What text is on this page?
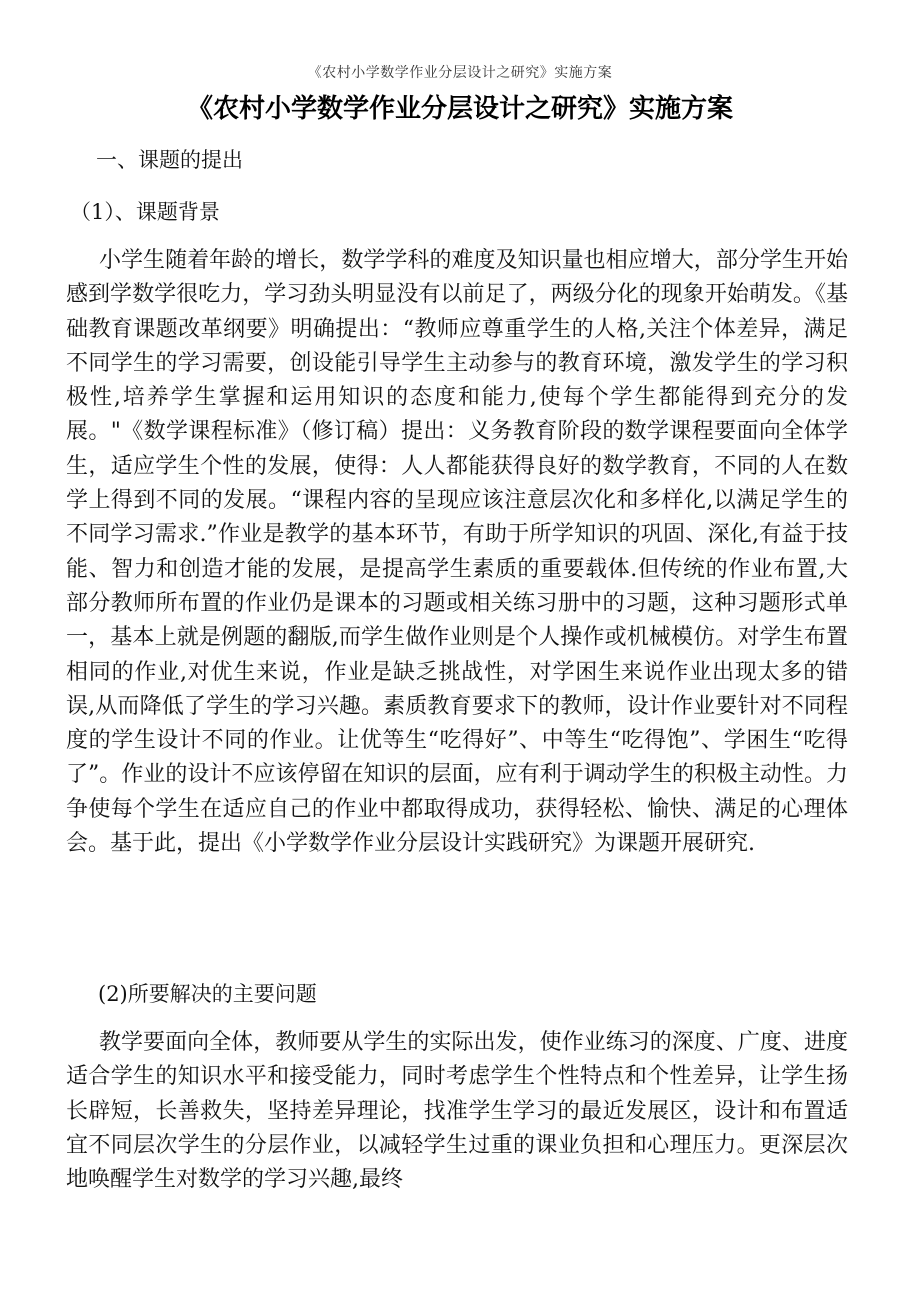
《农村小学数学作业分层设计之研究》实施方案
《农村小学数学作业分层设计之研究》实施方案
一、课题的提出
（1）、课题背景
小学生随着年龄的增长，数学学科的难度及知识量也相应增大，部分学生开始感到学数学很吃力，学习劲头明显没有以前足了，两级分化的现象开始萌发。《基础教育课题改革纲要》明确提出：“教师应尊重学生的人格,关注个体差异，满足不同学生的学习需要，创设能引导学生主动参与的教育环境，激发学生的学习积极性,培养学生掌握和运用知识的态度和能力,使每个学生都能得到充分的发展。"《数学课程标准》（修订稿）提出：义务教育阶段的数学课程要面向全体学生，适应学生个性的发展，使得：人人都能获得良好的数学教育，不同的人在数学上得到不同的发展。“课程内容的呈现应该注意层次化和多样化,以满足学生的不同学习需求.”作业是教学的基本环节，有助于所学知识的巩固、深化,有益于技能、智力和创造才能的发展，是提高学生素质的重要载体.但传统的作业布置,大部分教师所布置的作业仍是课本的习题或相关练习册中的习题，这种习题形式单一，基本上就是例题的翻版,而学生做作业则是个人操作或机械模仿。对学生布置相同的作业,对优生来说，作业是缺乏挑战性，对学困生来说作业出现太多的错误,从而降低了学生的学习兴趣。素质教育要求下的教师，设计作业要针对不同程度的学生设计不同的作业。让优等生“吃得好”、中等生“吃得饱”、学困生“吃得了”。作业的设计不应该停留在知识的层面，应有利于调动学生的积极主动性。力争使每个学生在适应自己的作业中都取得成功，获得轻松、愉快、满足的心理体会。基于此，提出《小学数学作业分层设计实践研究》为课题开展研究.
(2)所要解决的主要问题
教学要面向全体，教师要从学生的实际出发，使作业练习的深度、广度、进度适合学生的知识水平和接受能力，同时考虑学生个性特点和个性差异，让学生扬长辟短，长善救失，坚持差异理论，找准学生学习的最近发展区，设计和布置适宜不同层次学生的分层作业，以减轻学生过重的课业负担和心理压力。更深层次地唤醒学生对数学的学习兴趣,最终
